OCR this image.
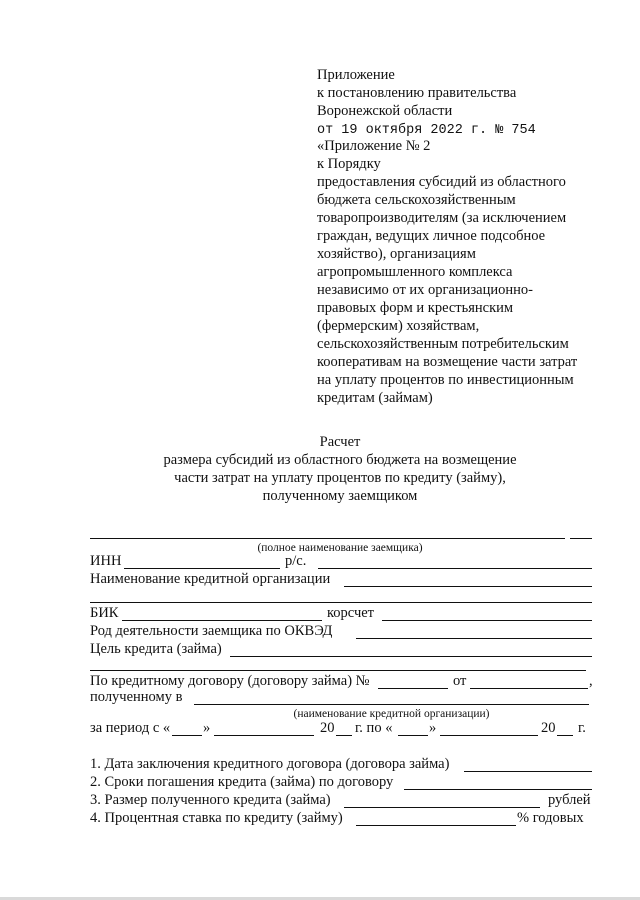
Приложение
к постановлению правительства
Воронежской области
от 19 октября 2022 г. № 754
«Приложение № 2
к Порядку
предоставления субсидий из областного
бюджета сельскохозяйственным
товаропроизводителям (за исключением
граждан, ведущих личное подсобное
хозяйство), организациям
агропромышленного комплекса
независимо от их организационно-
правовых форм и крестьянским
(фермерским) хозяйствам,
сельскохозяйственным потребительским
кооперативам на возмещение части затрат
на уплату процентов по инвестиционным
кредитам (займам)
Расчет
размера субсидий из областного бюджета на возмещение
части затрат на уплату процентов по кредиту (займу),
полученному заемщиком
(полное наименование заемщика)
ИНН	р/с.
Наименование кредитной организации
БИК	корсчет
Род деятельности заемщика по ОКВЭД
Цель кредита (займа)
По кредитному договору (договору займа) №	от	,
полученному в
(наименование кредитной организации)
за период с « »	20 г. по «	»	20 г.
1. Дата заключения кредитного договора (договора займа)
2. Сроки погашения кредита (займа) по договору
3. Размер полученного кредита (займа)	рублей
4. Процентная ставка по кредиту (займу)	% годовых
